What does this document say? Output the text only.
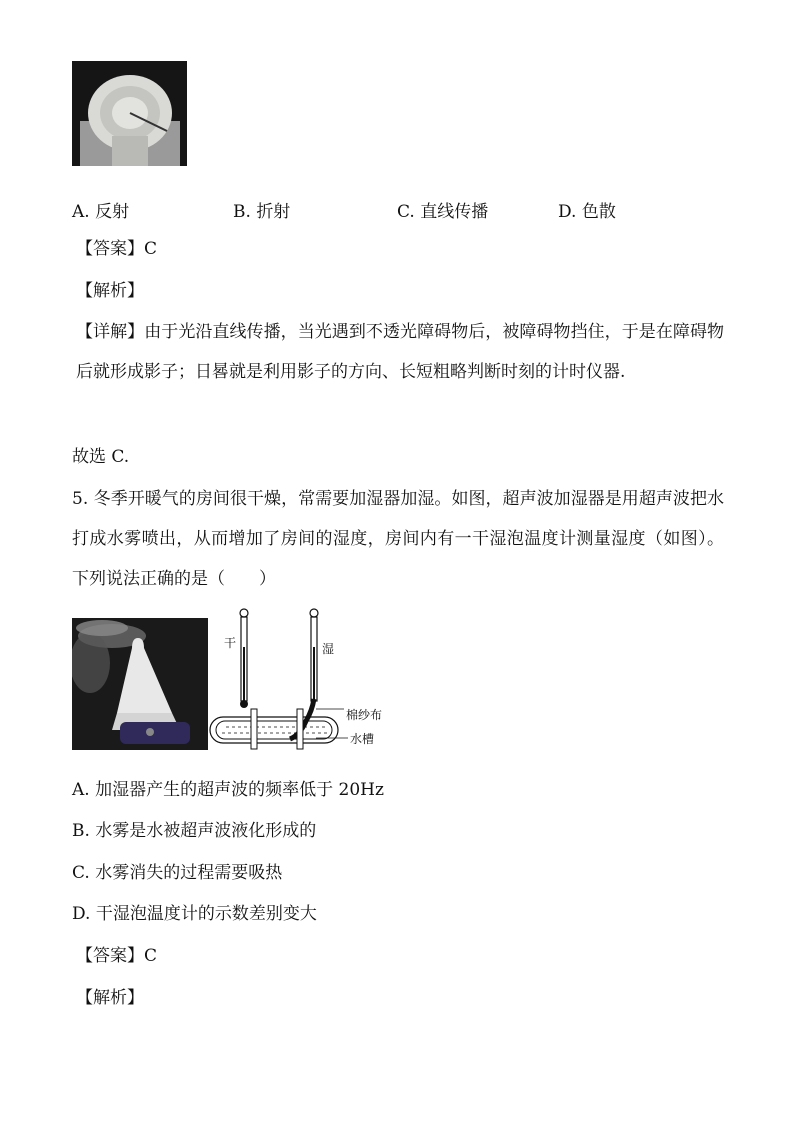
A. 反射	B. 折射	C. 直线传播	D. 色散
【答案】C
【解析】
【详解】由于光沿直线传播，当光遇到不透光障碍物后，被障碍物挡住，于是在障碍物后就形成影子；日晷就是利用影子的方向、长短粗略判断时刻的计时仪器.
故选 C.
5. 冬季开暖气的房间很干燥，常需要加湿器加湿。如图，超声波加湿器是用超声波把水打成水雾喷出，从而增加了房间的湿度，房间内有一干湿泡温度计测量湿度（如图）。下列说法正确的是（　　）
干	湿
棉纱布
水槽
A. 加湿器产生的超声波的频率低于 20Hz
B. 水雾是水被超声波液化形成的
C. 水雾消失的过程需要吸热
D. 干湿泡温度计的示数差别变大
【答案】C
【解析】
